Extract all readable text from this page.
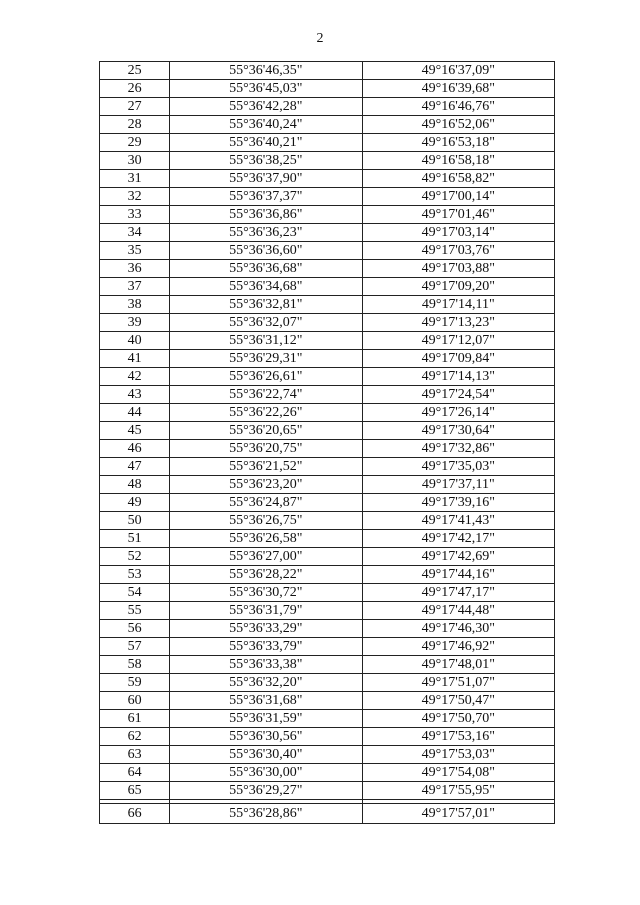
2
25	55°36'46,35"	49°16'37,09"
26	55°36'45,03"	49°16'39,68"
27	55°36'42,28"	49°16'46,76"
28	55°36'40,24"	49°16'52,06"
29	55°36'40,21"	49°16'53,18"
30	55°36'38,25"	49°16'58,18"
31	55°36'37,90"	49°16'58,82"
32	55°36'37,37"	49°17'00,14"
33	55°36'36,86"	49°17'01,46"
34	55°36'36,23"	49°17'03,14"
35	55°36'36,60"	49°17'03,76"
36	55°36'36,68"	49°17'03,88"
37	55°36'34,68"	49°17'09,20"
38	55°36'32,81"	49°17'14,11"
39	55°36'32,07"	49°17'13,23"
40	55°36'31,12"	49°17'12,07"
41	55°36'29,31"	49°17'09,84"
42	55°36'26,61"	49°17'14,13"
43	55°36'22,74"	49°17'24,54"
44	55°36'22,26"	49°17'26,14"
45	55°36'20,65"	49°17'30,64"
46	55°36'20,75"	49°17'32,86"
47	55°36'21,52"	49°17'35,03"
48	55°36'23,20"	49°17'37,11"
49	55°36'24,87"	49°17'39,16"
50	55°36'26,75"	49°17'41,43"
51	55°36'26,58"	49°17'42,17"
52	55°36'27,00"	49°17'42,69"
53	55°36'28,22"	49°17'44,16"
54	55°36'30,72"	49°17'47,17"
55	55°36'31,79"	49°17'44,48"
56	55°36'33,29"	49°17'46,30"
57	55°36'33,79"	49°17'46,92"
58	55°36'33,38"	49°17'48,01"
59	55°36'32,20"	49°17'51,07"
60	55°36'31,68"	49°17'50,47"
61	55°36'31,59"	49°17'50,70"
62	55°36'30,56"	49°17'53,16"
63	55°36'30,40"	49°17'53,03"
64	55°36'30,00"	49°17'54,08"
65	55°36'29,27"	49°17'55,95"

66	55°36'28,86"	49°17'57,01"
